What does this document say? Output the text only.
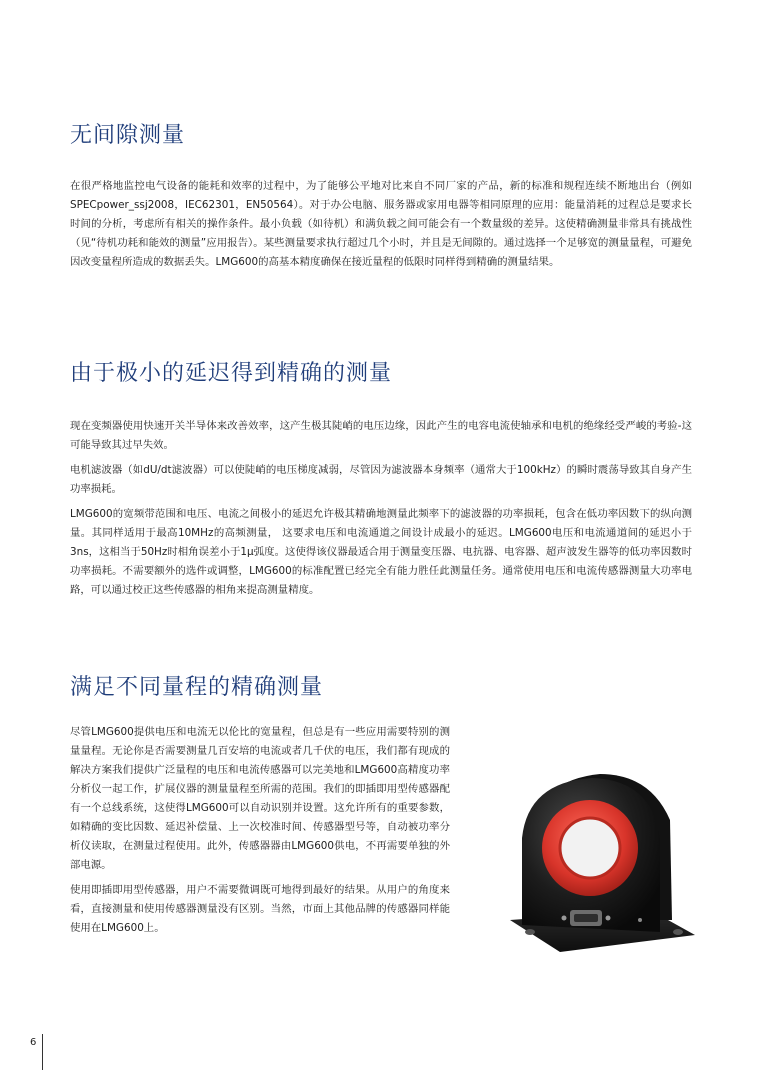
无间隙测量

在很严格地监控电气设备的能耗和效率的过程中，为了能够公平地对比来自不同厂家的产品，新的标准和规程连续不断地出台（例如 SPECpower_ssj2008，IEC62301，EN50564）。对于办公电脑、服务器或家用电器等相同原理的应用：能量消耗的过程总是要求长时间的分析，考虑所有相关的操作条件。最小负载（如待机）和满负载之间可能会有一个数量级的差异。这使精确测量非常具有挑战性（见“待机功耗和能效的测量”应用报告）。某些测量要求执行超过几个小时，并且是无间隙的。通过选择一个足够宽的测量量程，可避免因改变量程所造成的数据丢失。LMG600的高基本精度确保在接近量程的低限时同样得到精确的测量结果。

由于极小的延迟得到精确的测量

现在变频器使用快速开关半导体来改善效率，这产生极其陡峭的电压边缘，因此产生的电容电流使轴承和电机的绝缘经受严峻的考验-这可能导致其过早失效。

电机滤波器（如dU/dt滤波器）可以使陡峭的电压梯度减弱，尽管因为滤波器本身频率（通常大于100kHz）的瞬时震荡导致其自身产生功率损耗。

LMG600的宽频带范围和电压、电流之间极小的延迟允许极其精确地测量此频率下的滤波器的功率损耗，包含在低功率因数下的纵向测量。其同样适用于最高10MHz的高频测量， 这要求电压和电流通道之间设计成最小的延迟。LMG600电压和电流通道间的延迟小于3ns，这相当于50Hz时相角误差小于1μ弧度。这使得该仪器最适合用于测量变压器、电抗器、电容器、超声波发生器等的低功率因数时功率损耗。不需要额外的选件或调整，LMG600的标准配置已经完全有能力胜任此测量任务。通常使用电压和电流传感器测量大功率电路，可以通过校正这些传感器的相角来提高测量精度。

满足不同量程的精确测量

尽管LMG600提供电压和电流无以伦比的宽量程，但总是有一些应用需要特别的测量量程。无论你是否需要测量几百安培的电流或者几千伏的电压，我们都有现成的解决方案我们提供广泛量程的电压和电流传感器可以完美地和LMG600高精度功率分析仪一起工作，扩展仪器的测量量程至所需的范围。我们的即插即用型传感器配有一个总线系统，这使得LMG600可以自动识别并设置。这允许所有的重要参数，如精确的变比因数、延迟补偿量、上一次校准时间、传感器型号等，自动被功率分析仪读取，在测量过程使用。此外，传感器器由LMG600供电，不再需要单独的外部电源。

使用即插即用型传感器，用户不需要微调既可地得到最好的结果。从用户的角度来看，直接测量和使用传感器测量没有区别。当然，市面上其他品牌的传感器同样能使用在LMG600上。

6
